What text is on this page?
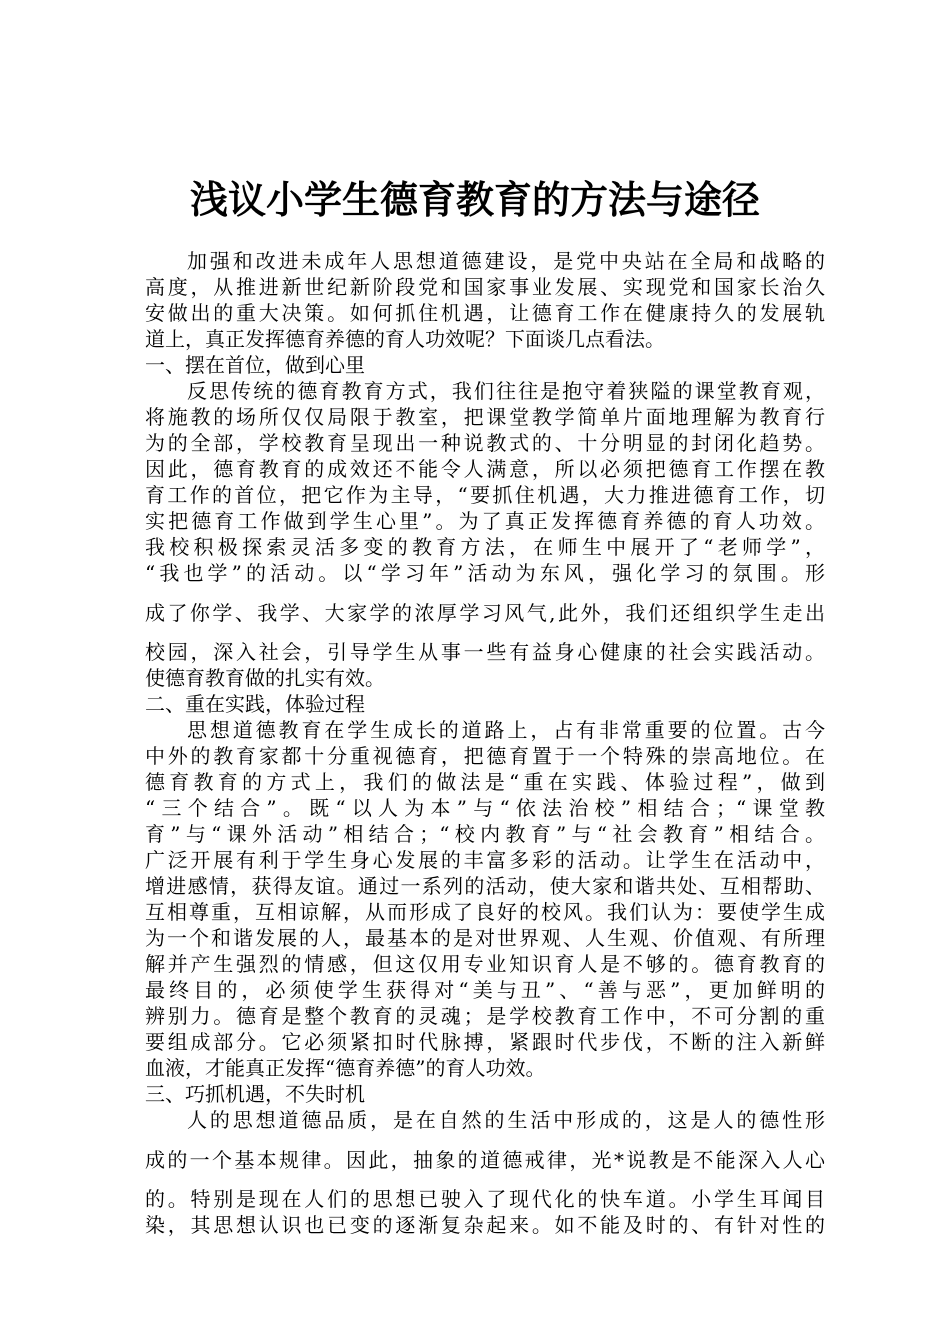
浅议小学生德育教育的方法与途径
加强和改进未成年人思想道德建设，是党中央站在全局和战略的
高度，从推进新世纪新阶段党和国家事业发展、实现党和国家长治久
安做出的重大决策。如何抓住机遇，让德育工作在健康持久的发展轨
道上，真正发挥德育养德的育人功效呢？下面谈几点看法。
一、摆在首位，做到心里
反思传统的德育教育方式，我们往往是抱守着狭隘的课堂教育观，
将施教的场所仅仅局限于教室，把课堂教学简单片面地理解为教育行
为的全部，学校教育呈现出一种说教式的、十分明显的封闭化趋势。
因此，德育教育的成效还不能令人满意，所以必须把德育工作摆在教
育工作的首位，把它作为主导，“要抓住机遇，大力推进德育工作，切
实把德育工作做到学生心里”。为了真正发挥德育养德的育人功效。
我校积极探索灵活多变的教育方法，在师生中展开了“老师学”，
“我也学”的活动。以“学习年”活动为东风，强化学习的氛围。形
成了你学、我学、大家学的浓厚学习风气,此外，我们还组织学生走出
校园，深入社会，引导学生从事一些有益身心健康的社会实践活动。
使德育教育做的扎实有效。
二、重在实践，体验过程
思想道德教育在学生成长的道路上，占有非常重要的位置。古今
中外的教育家都十分重视德育，把德育置于一个特殊的崇高地位。在
德育教育的方式上，我们的做法是“重在实践、体验过程”，做到
“三个结合”。既“以人为本”与“依法治校”相结合；“课堂教
育”与“课外活动”相结合；“校内教育”与“社会教育”相结合。
广泛开展有利于学生身心发展的丰富多彩的活动。让学生在活动中，
增进感情，获得友谊。通过一系列的活动，使大家和谐共处、互相帮助、
互相尊重，互相谅解，从而形成了良好的校风。我们认为：要使学生成
为一个和谐发展的人，最基本的是对世界观、人生观、价值观、有所理
解并产生强烈的情感，但这仅用专业知识育人是不够的。德育教育的
最终目的，必须使学生获得对“美与丑”、“善与恶”，更加鲜明的
辨别力。德育是整个教育的灵魂；是学校教育工作中，不可分割的重
要组成部分。它必须紧扣时代脉搏，紧跟时代步伐，不断的注入新鲜
血液，才能真正发挥“德育养德”的育人功效。
三、巧抓机遇，不失时机
人的思想道德品质，是在自然的生活中形成的，这是人的德性形
成的一个基本规律。因此，抽象的道德戒律，光*说教是不能深入人心
的。特别是现在人们的思想已驶入了现代化的快车道。小学生耳闻目
染，其思想认识也已变的逐渐复杂起来。如不能及时的、有针对性的
